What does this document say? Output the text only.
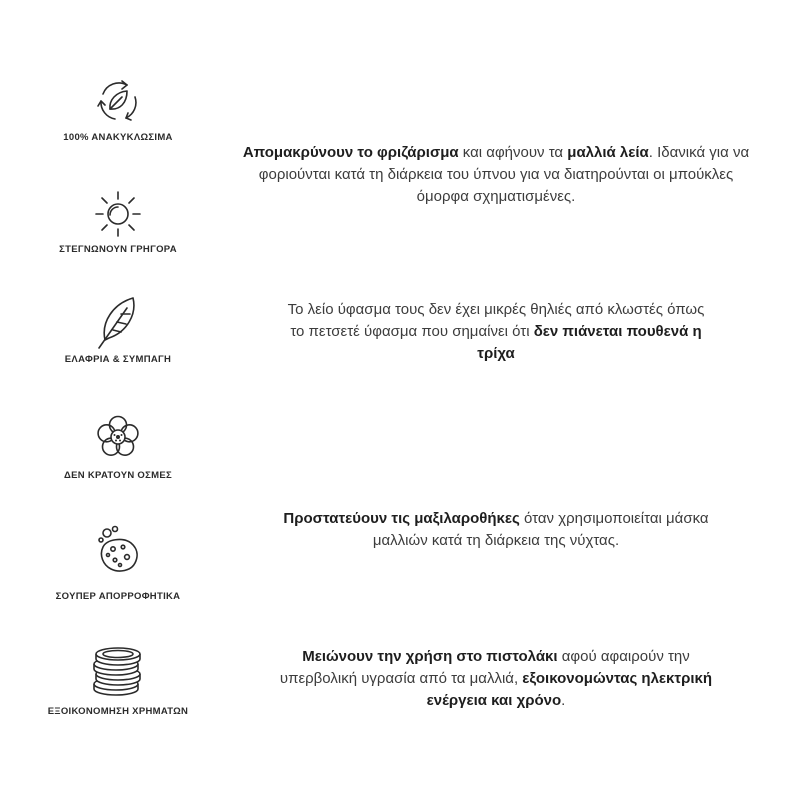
100% ΑΝΑΚΥΚΛΩΣΙΜΑ
ΣΤΕΓΝΩΝΟΥΝ ΓΡΗΓΟΡΑ
ΕΛΑΦΡΙΑ & ΣΥΜΠΑΓΗ
ΔΕΝ ΚΡΑΤΟΥΝ ΟΣΜΕΣ
ΣΟΥΠΕΡ ΑΠΟΡΡΟΦΗΤΙΚΑ
ΕΞΟΙΚΟΝΟΜΗΣΗ ΧΡΗΜΑΤΩΝ

Απομακρύνουν το φριζάρισμα και αφήνουν τα μαλλιά λεία. Ιδανικά για να φοριούνται κατά τη διάρκεια του ύπνου για να διατηρούνται οι μπούκλες όμορφα σχηματισμένες.

Το λείο ύφασμα τους δεν έχει μικρές θηλιές από κλωστές όπως το πετσετέ ύφασμα που σημαίνει ότι δεν πιάνεται πουθενά η τρίχα

Προστατεύουν τις μαξιλαροθήκες όταν χρησιμοποιείται μάσκα μαλλιών κατά τη διάρκεια της νύχτας.

Μειώνουν την χρήση στο πιστολάκι αφού αφαιρούν την υπερβολική υγρασία από τα μαλλιά, εξοικονομώντας ηλεκτρική ενέργεια και χρόνο.
